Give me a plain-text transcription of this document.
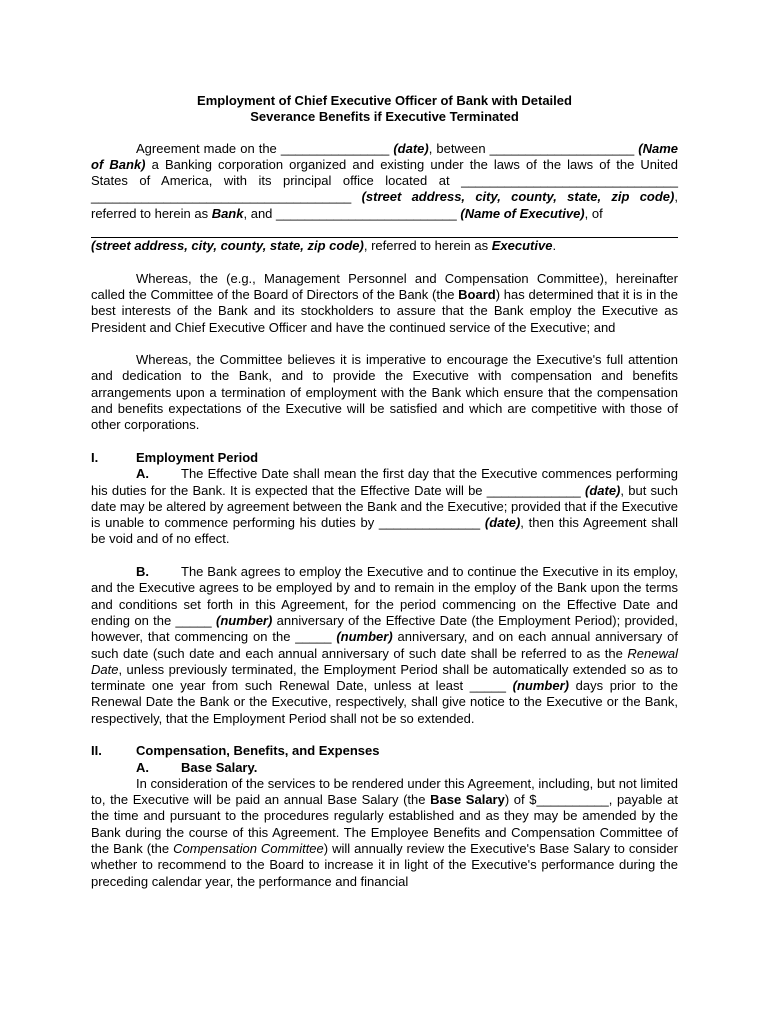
Employment of Chief Executive Officer of Bank with Detailed
Severance Benefits if Executive Terminated

Agreement made on the _______________ (date), between ____________________ (Name of Bank) a Banking corporation organized and existing under the laws of the laws of the United States of America, with its principal office located at ______________________________ ____________________________________ (street address, city, county, state, zip code), referred to herein as Bank, and _________________________ (Name of Executive), of

(street address, city, county, state, zip code), referred to herein as Executive.

Whereas, the (e.g., Management Personnel and Compensation Committee), hereinafter called the Committee of the Board of Directors of the Bank (the Board) has determined that it is in the best interests of the Bank and its stockholders to assure that the Bank employ the Executive as President and Chief Executive Officer and have the continued service of the Executive; and

Whereas, the Committee believes it is imperative to encourage the Executive's full attention and dedication to the Bank, and to provide the Executive with compensation and benefits arrangements upon a termination of employment with the Bank which ensure that the compensation and benefits expectations of the Executive will be satisfied and which are competitive with those of other corporations.

I.	Employment Period

A. The Effective Date shall mean the first day that the Executive commences performing his duties for the Bank. It is expected that the Effective Date will be _____________ (date), but such date may be altered by agreement between the Bank and the Executive; provided that if the Executive is unable to commence performing his duties by ______________ (date), then this Agreement shall be void and of no effect.

B. The Bank agrees to employ the Executive and to continue the Executive in its employ, and the Executive agrees to be employed by and to remain in the employ of the Bank upon the terms and conditions set forth in this Agreement, for the period commencing on the Effective Date and ending on the _____ (number) anniversary of the Effective Date (the Employment Period); provided, however, that commencing on the _____ (number) anniversary, and on each annual anniversary of such date (such date and each annual anniversary of such date shall be referred to as the Renewal Date, unless previously terminated, the Employment Period shall be automatically extended so as to terminate one year from such Renewal Date, unless at least _____ (number) days prior to the Renewal Date the Bank or the Executive, respectively, shall give notice to the Executive or the Bank, respectively, that the Employment Period shall not be so extended.

II.	Compensation, Benefits, and Expenses
A. Base Salary.

In consideration of the services to be rendered under this Agreement, including, but not limited to, the Executive will be paid an annual Base Salary (the Base Salary) of $__________, payable at the time and pursuant to the procedures regularly established and as they may be amended by the Bank during the course of this Agreement. The Employee Benefits and Compensation Committee of the Bank (the Compensation Committee) will annually review the Executive's Base Salary to consider whether to recommend to the Board to increase it in light of the Executive's performance during the preceding calendar year, the performance and financial
